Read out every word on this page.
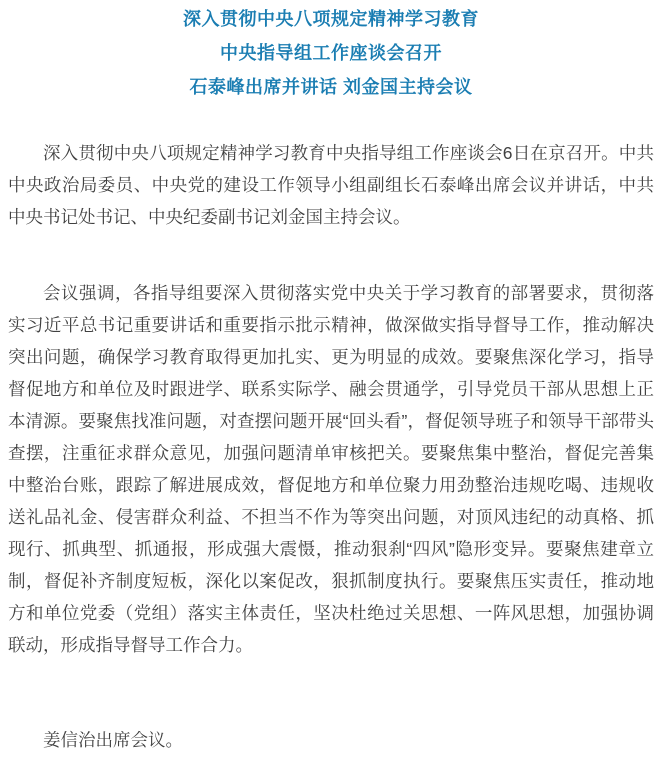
深入贯彻中央八项规定精神学习教育
中央指导组工作座谈会召开
石泰峰出席并讲话 刘金国主持会议

深入贯彻中央八项规定精神学习教育中央指导组工作座谈会6日在京召开。中共中央政治局委员、中央党的建设工作领导小组副组长石泰峰出席会议并讲话，中共中央书记处书记、中央纪委副书记刘金国主持会议。

会议强调，各指导组要深入贯彻落实党中央关于学习教育的部署要求，贯彻落实习近平总书记重要讲话和重要指示批示精神，做深做实指导督导工作，推动解决突出问题，确保学习教育取得更加扎实、更为明显的成效。要聚焦深化学习，指导督促地方和单位及时跟进学、联系实际学、融会贯通学，引导党员干部从思想上正本清源。要聚焦找准问题，对查摆问题开展“回头看”，督促领导班子和领导干部带头查摆，注重征求群众意见，加强问题清单审核把关。要聚焦集中整治，督促完善集中整治台账，跟踪了解进展成效，督促地方和单位聚力用劲整治违规吃喝、违规收送礼品礼金、侵害群众利益、不担当不作为等突出问题，对顶风违纪的动真格、抓现行、抓典型、抓通报，形成强大震慑，推动狠刹“四风”隐形变异。要聚焦建章立制，督促补齐制度短板，深化以案促改，狠抓制度执行。要聚焦压实责任，推动地方和单位党委（党组）落实主体责任，坚决杜绝过关思想、一阵风思想，加强协调联动，形成指导督导工作合力。

姜信治出席会议。
